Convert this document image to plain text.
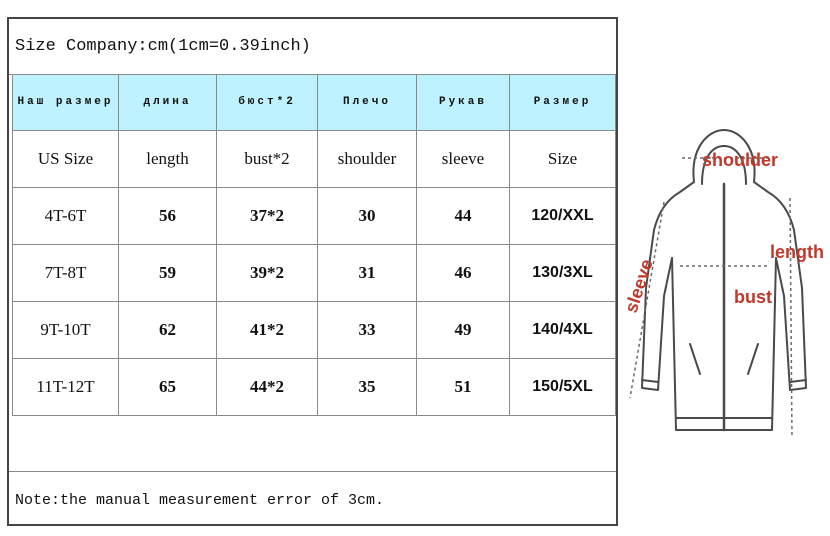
Size Company:cm(1cm=0.39inch)
Наш размер	длина	бюст*2	Плечо	Рукав	Размер
US Size	length	bust*2	shoulder	sleeve	Size
4T-6T	56	37*2	30	44	120/XXL
7T-8T	59	39*2	31	46	130/3XL
9T-10T	62	41*2	33	49	140/4XL
11T-12T	65	44*2	35	51	150/5XL
Note:the manual measurement error of 3cm.
shoulder
length
bust
sleeve
